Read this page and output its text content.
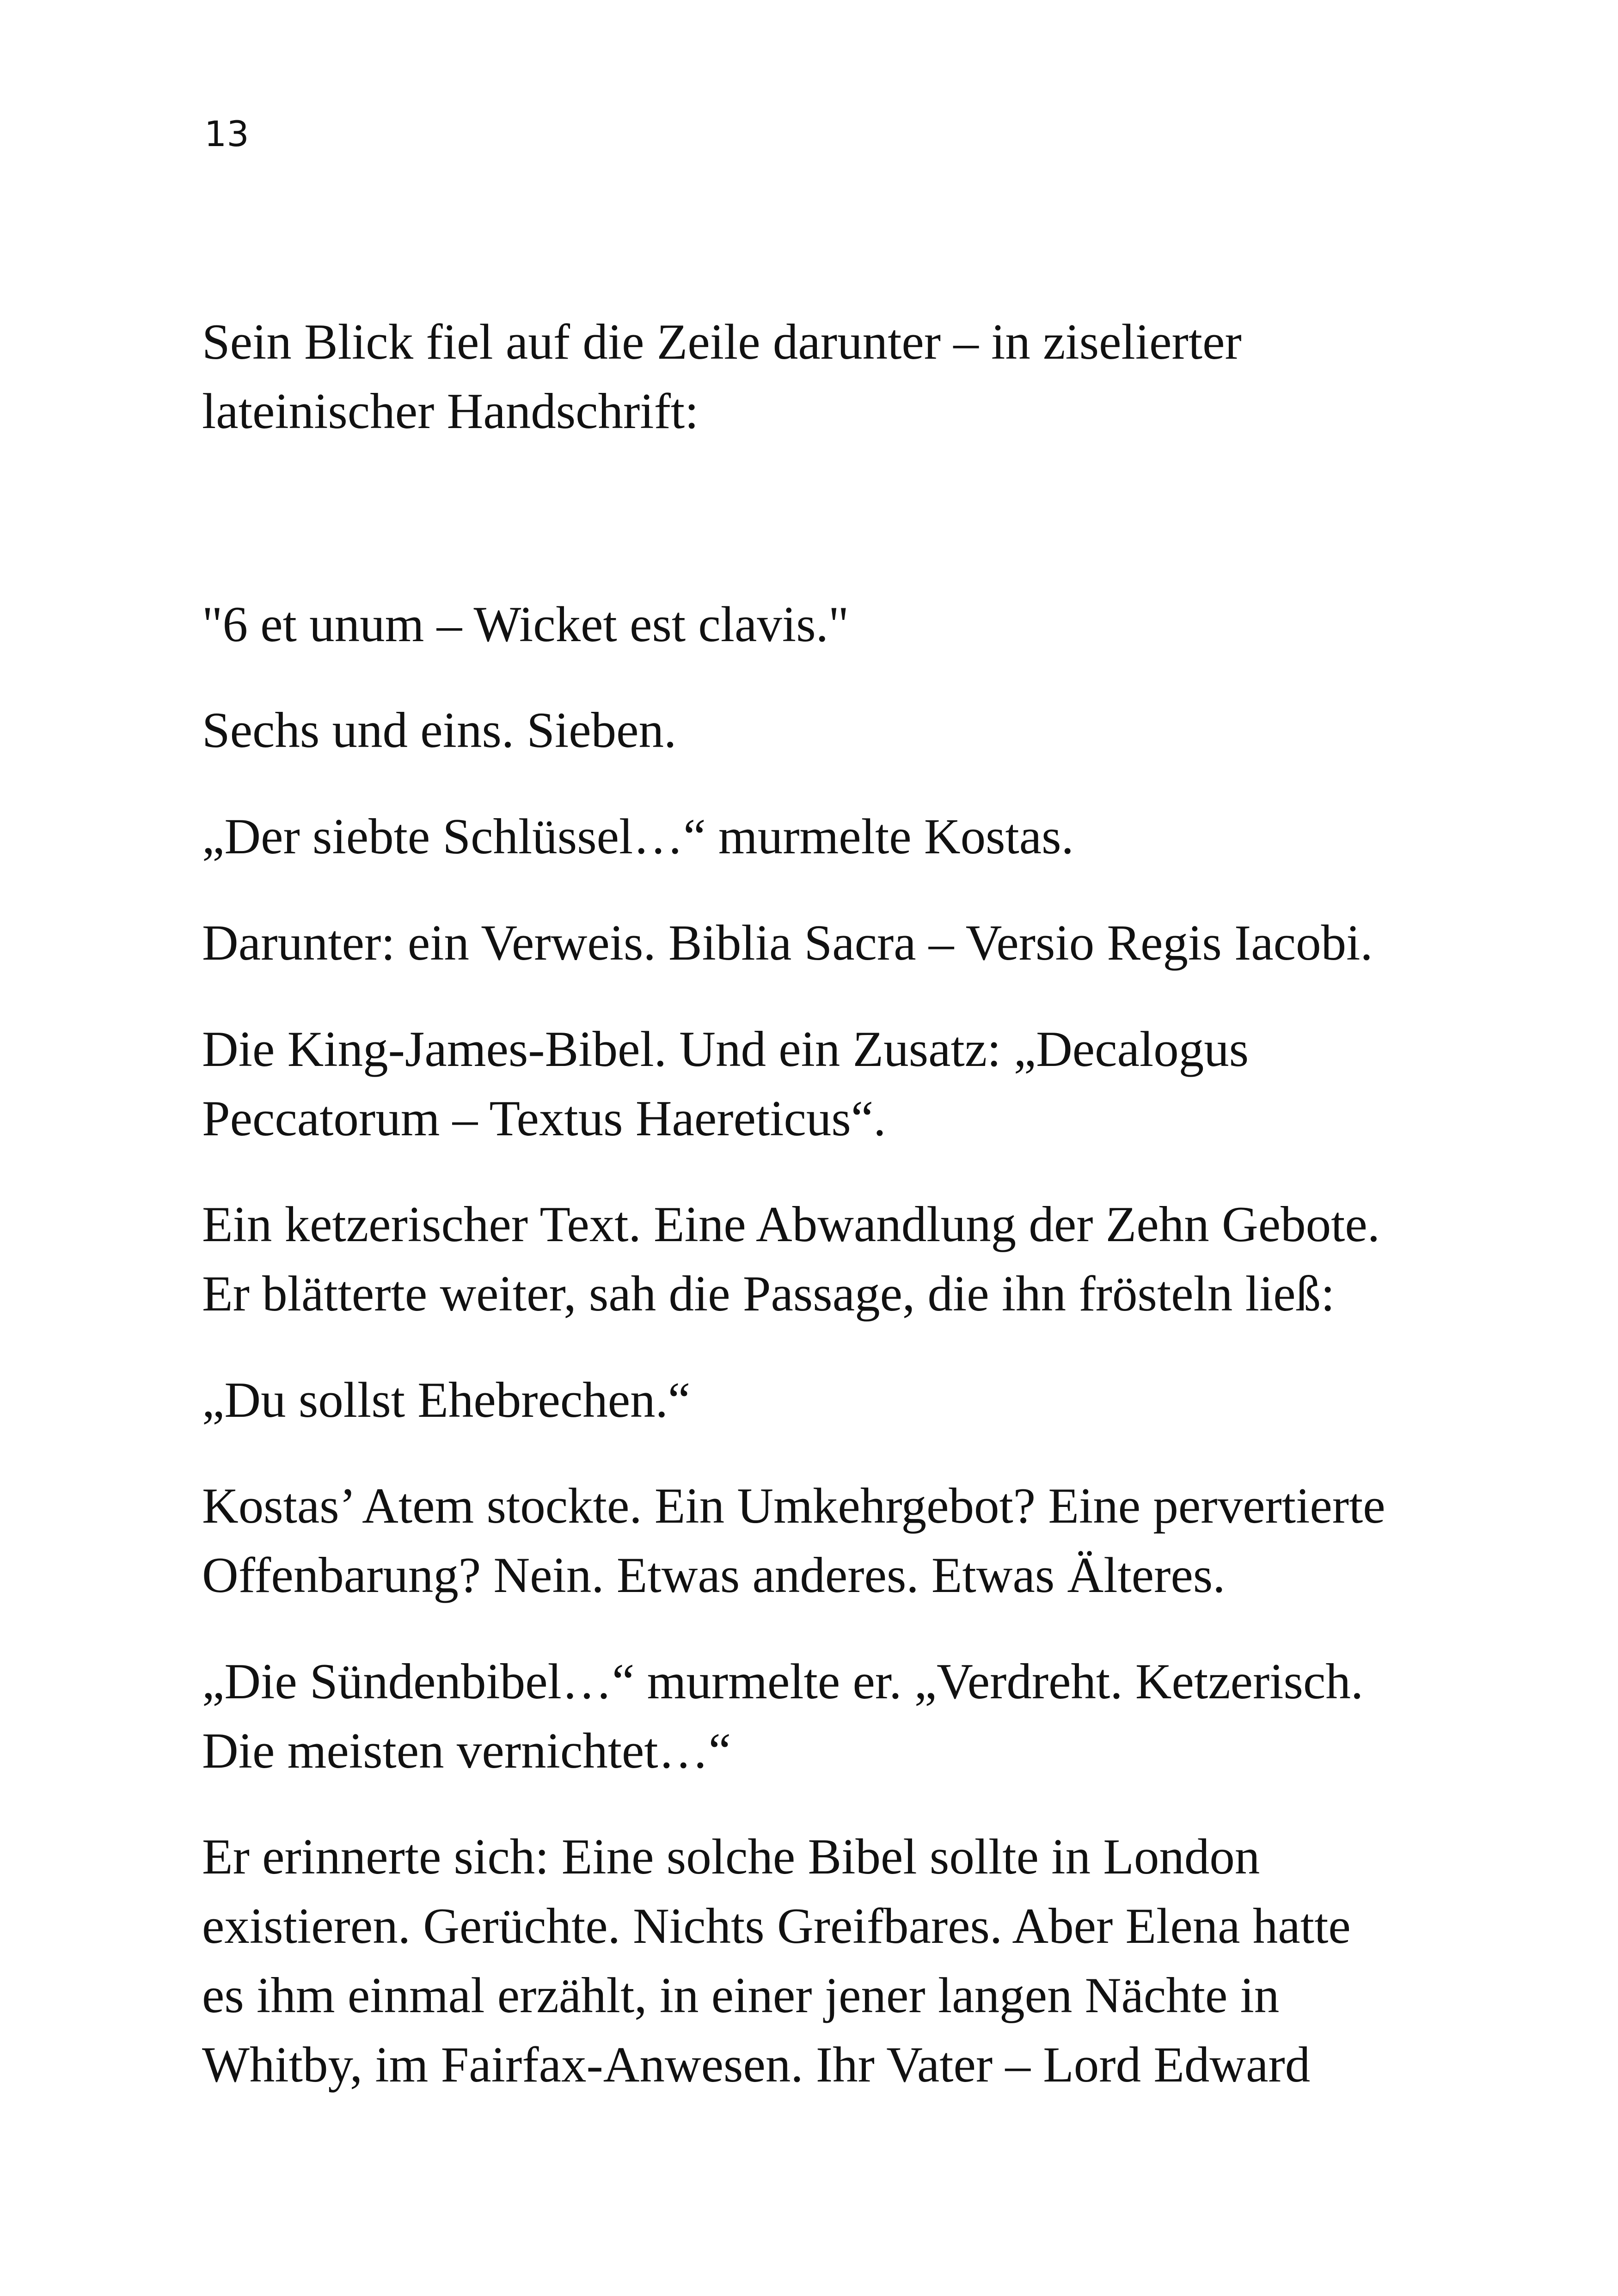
13

Sein Blick fiel auf die Zeile darunter – in ziselierter
lateinischer Handschrift:

"6 et unum – Wicket est clavis."

Sechs und eins. Sieben.

„Der siebte Schlüssel…“ murmelte Kostas.

Darunter: ein Verweis. Biblia Sacra – Versio Regis Iacobi.

Die King-James-Bibel. Und ein Zusatz: „Decalogus
Peccatorum – Textus Haereticus“.

Ein ketzerischer Text. Eine Abwandlung der Zehn Gebote.
Er blätterte weiter, sah die Passage, die ihn frösteln ließ:

„Du sollst Ehebrechen.“

Kostas’ Atem stockte. Ein Umkehrgebot? Eine pervertierte
Offenbarung? Nein. Etwas anderes. Etwas Älteres.

„Die Sündenbibel…“ murmelte er. „Verdreht. Ketzerisch.
Die meisten vernichtet…“

Er erinnerte sich: Eine solche Bibel sollte in London
existieren. Gerüchte. Nichts Greifbares. Aber Elena hatte
es ihm einmal erzählt, in einer jener langen Nächte in
Whitby, im Fairfax-Anwesen. Ihr Vater – Lord Edward
